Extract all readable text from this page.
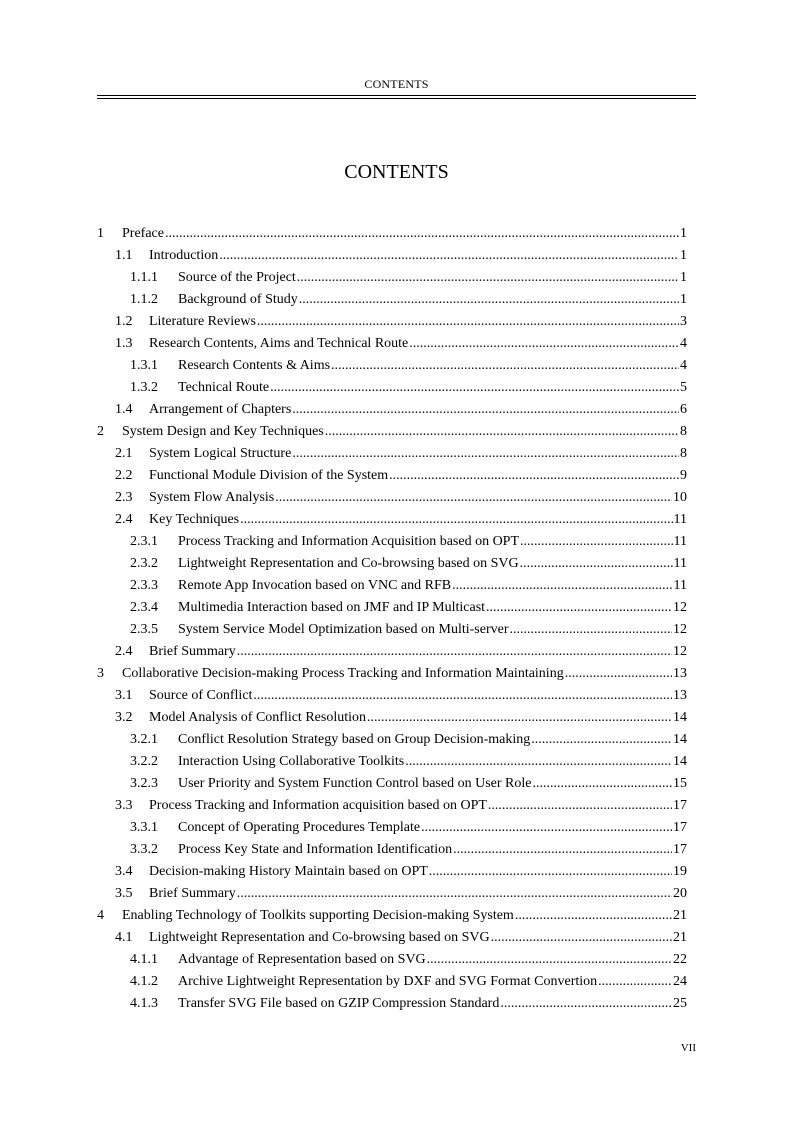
CONTENTS
CONTENTS
1	Preface .....	1
1.1	Introduction .....	1
1.1.1	Source of the Project .....	1
1.1.2	Background of Study .....	1
1.2	Literature Reviews .....	3
1.3	Research Contents, Aims and Technical Route .....	4
1.3.1	Research Contents & Aims .....	4
1.3.2	Technical Route .....	5
1.4	Arrangement of Chapters .....	6
2	System Design and Key Techniques .....	8
2.1	System Logical Structure .....	8
2.2	Functional Module Division of the System .....	9
2.3	System Flow Analysis .....	10
2.4	Key Techniques .....	11
2.3.1	Process Tracking and Information Acquisition based on OPT .....	11
2.3.2	Lightweight Representation and Co-browsing based on SVG .....	11
2.3.3	Remote App Invocation based on VNC and RFB .....	11
2.3.4	Multimedia Interaction based on JMF and IP Multicast .....	12
2.3.5	System Service Model Optimization based on Multi-server .....	12
2.4	Brief Summary .....	12
3	Collaborative Decision-making Process Tracking and Information Maintaining .....	13
3.1	Source of Conflict .....	13
3.2	Model Analysis of Conflict Resolution .....	14
3.2.1	Conflict Resolution Strategy based on Group Decision-making .....	14
3.2.2	Interaction Using Collaborative Toolkits .....	14
3.2.3	User Priority and System Function Control based on User Role .....	15
3.3	Process Tracking and Information acquisition based on OPT .....	17
3.3.1	Concept of Operating Procedures Template .....	17
3.3.2	Process Key State and Information Identification .....	17
3.4	Decision-making History Maintain based on OPT .....	19
3.5	Brief Summary .....	20
4	Enabling Technology of Toolkits supporting Decision-making System .....	21
4.1	Lightweight Representation and Co-browsing based on SVG .....	21
4.1.1	Advantage of Representation based on SVG .....	22
4.1.2	Archive Lightweight Representation by DXF and SVG Format Convertion .....	24
4.1.3	Transfer SVG File based on GZIP Compression Standard .....	25
VII
